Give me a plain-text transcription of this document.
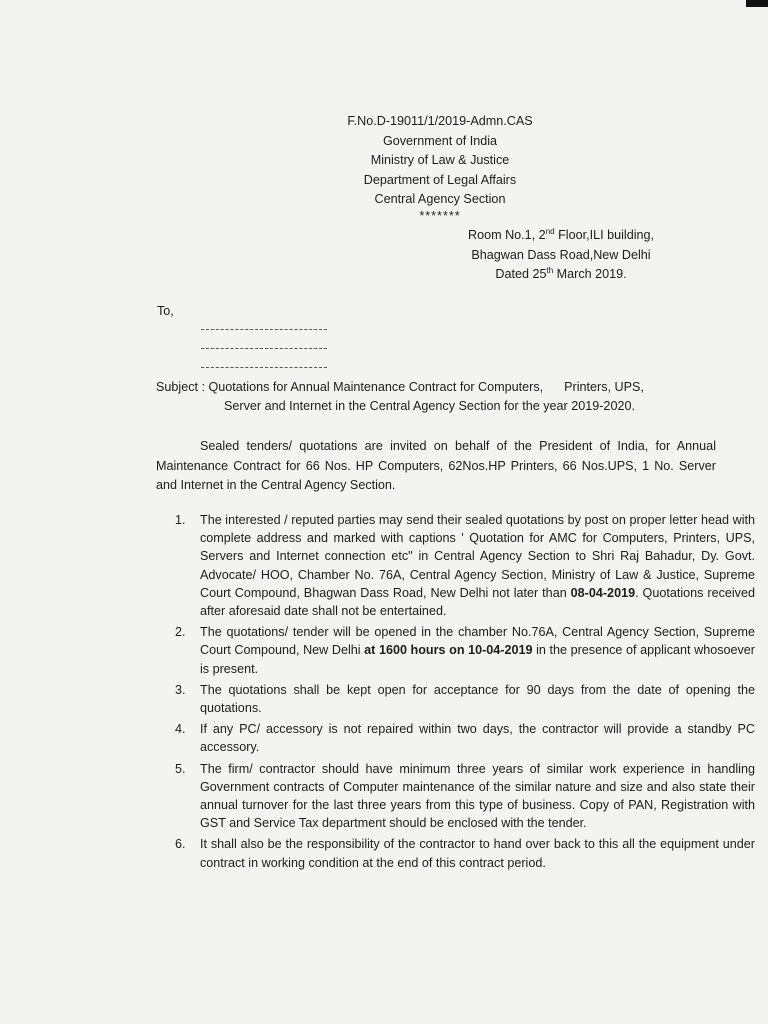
F.No.D-19011/1/2019-Admn.CAS
Government of India
Ministry of Law & Justice
Department of Legal Affairs
Central Agency Section
*******
Room No.1, 2nd Floor,ILI building,
Bhagwan Dass Road,New Delhi
Dated 25th March 2019.
To,
Subject : Quotations for Annual Maintenance Contract for Computers,      Printers, UPS,
Server and Internet in the Central Agency Section for the year 2019-2020.
Sealed tenders/ quotations are invited on behalf of the President of India, for Annual Maintenance Contract for 66 Nos. HP Computers, 62Nos.HP Printers, 66 Nos.UPS, 1 No. Server and Internet in the Central Agency Section.
1. The interested / reputed parties may send their sealed quotations by post on proper letter head with complete address and marked with captions ' Quotation for AMC for Computers, Printers, UPS, Servers and Internet connection etc" in Central Agency Section to Shri Raj Bahadur, Dy. Govt. Advocate/ HOO, Chamber No. 76A, Central Agency Section, Ministry of Law & Justice, Supreme Court Compound, Bhagwan Dass Road, New Delhi not later than 08-04-2019. Quotations received after aforesaid date shall not be entertained.
2. The quotations/ tender will be opened in the chamber No.76A, Central Agency Section, Supreme Court Compound, New Delhi at 1600 hours on 10-04-2019 in the presence of applicant whosoever is present.
3. The quotations shall be kept open for acceptance for 90 days from the date of opening the quotations.
4. If any PC/ accessory is not repaired within two days, the contractor will provide a standby PC accessory.
5. The firm/ contractor should have minimum three years of similar work experience in handling Government contracts of Computer maintenance of the similar nature and size and also state their annual turnover for the last three years from this type of business. Copy of PAN, Registration with GST and Service Tax department should be enclosed with the tender.
6. It shall also be the responsibility of the contractor to hand over back to this all the equipment under contract in working condition at the end of this contract period.
